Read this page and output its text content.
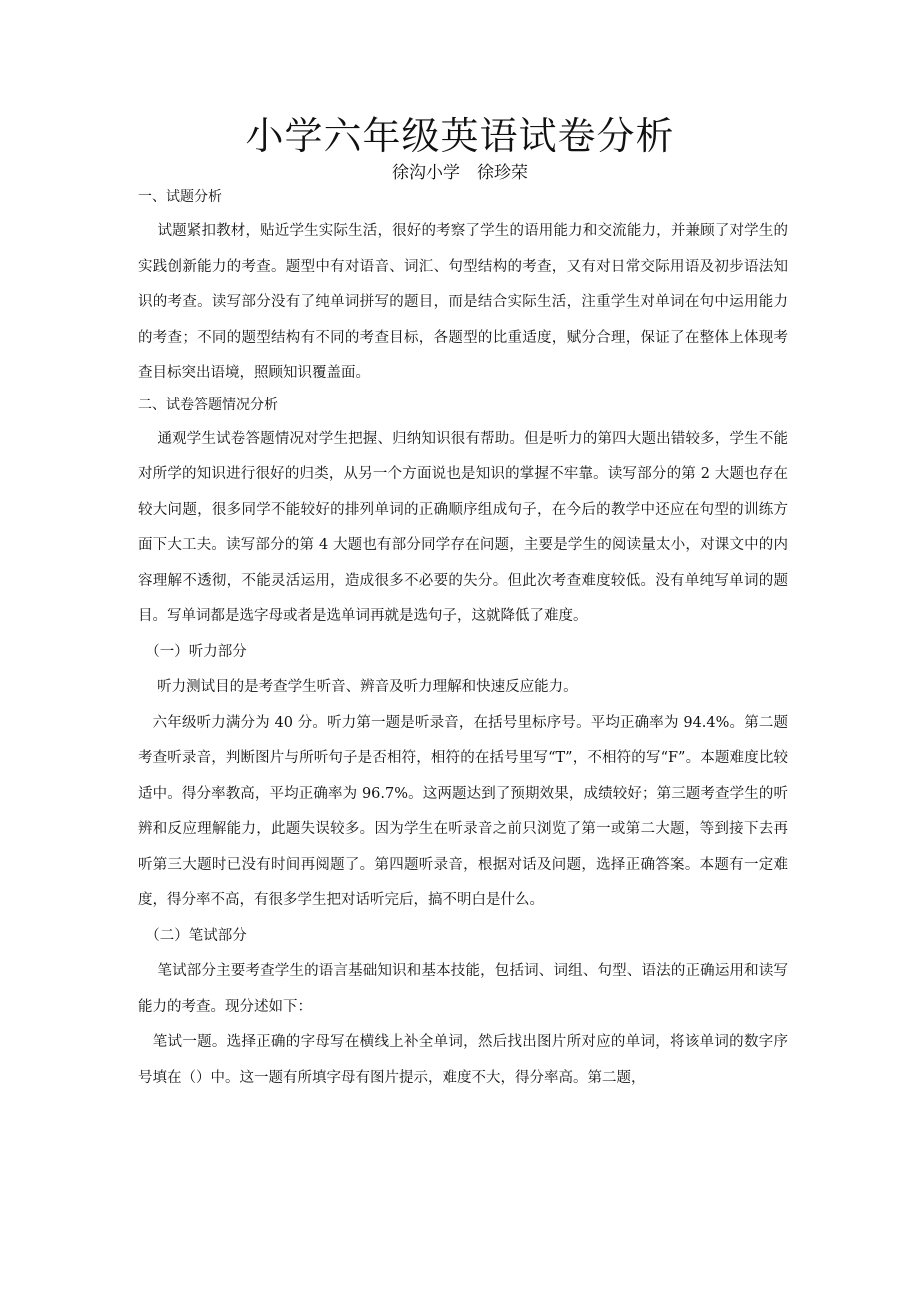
小学六年级英语试卷分析
徐沟小学　徐珍荣
一、试题分析

　 试题紧扣教材，贴近学生实际生活，很好的考察了学生的语用能力和交流能力，并兼顾了对学生的实践创新能力的考查。题型中有对语音、词汇、句型结构的考查，又有对日常交际用语及初步语法知识的考查。读写部分没有了纯单词拼写的题目，而是结合实际生活，注重学生对单词在句中运用能力的考查；不同的题型结构有不同的考查目标，各题型的比重适度，赋分合理，保证了在整体上体现考查目标突出语境，照顾知识覆盖面。

二、试卷答题情况分析

　 通观学生试卷答题情况对学生把握、归纳知识很有帮助。但是听力的第四大题出错较多，学生不能对所学的知识进行很好的归类，从另一个方面说也是知识的掌握不牢靠。读写部分的第 2 大题也存在较大问题，很多同学不能较好的排列单词的正确顺序组成句子，在今后的教学中还应在句型的训练方面下大工夫。读写部分的第 4 大题也有部分同学存在问题，主要是学生的阅读量太小，对课文中的内容理解不透彻，不能灵活运用，造成很多不必要的失分。但此次考查难度较低。没有单纯写单词的题目。写单词都是选字母或者是选单词再就是选句子，这就降低了难度。

　（一）听力部分

　 听力测试目的是考查学生听音、辨音及听力理解和快速反应能力。

　六年级听力满分为 40 分。听力第一题是听录音，在括号里标序号。平均正确率为 94.4%。第二题考查听录音，判断图片与所听句子是否相符，相符的在括号里写“T”，不相符的写“F”。本题难度比较适中。得分率教高，平均正确率为 96.7%。这两题达到了预期效果，成绩较好；第三题考查学生的听辨和反应理解能力，此题失误较多。因为学生在听录音之前只浏览了第一或第二大题，等到接下去再听第三大题时已没有时间再阅题了。第四题听录音，根据对话及问题，选择正确答案。本题有一定难度，得分率不高，有很多学生把对话听完后，搞不明白是什么。

　（二）笔试部分

　 笔试部分主要考查学生的语言基础知识和基本技能，包括词、词组、句型、语法的正确运用和读写能力的考查。现分述如下：

　笔试一题。选择正确的字母写在横线上补全单词，然后找出图片所对应的单词，将该单词的数字序号填在（）中。这一题有所填字母有图片提示，难度不大，得分率高。第二题，
